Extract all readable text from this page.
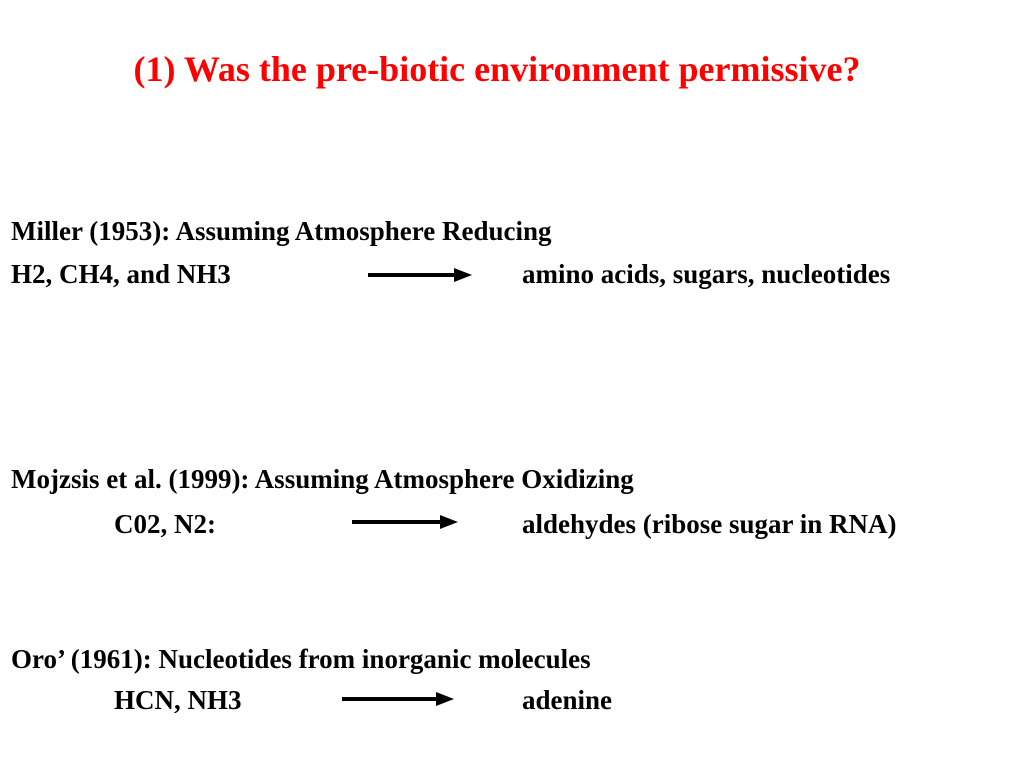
(1) Was the pre-biotic environment permissive?
Miller (1953): Assuming Atmosphere Reducing
H2, CH4, and NH3	amino acids, sugars, nucleotides
Mojzsis et al. (1999): Assuming Atmosphere Oxidizing
C02, N2:	aldehydes (ribose sugar in RNA)
Oro’ (1961): Nucleotides from inorganic molecules
HCN, NH3	adenine
